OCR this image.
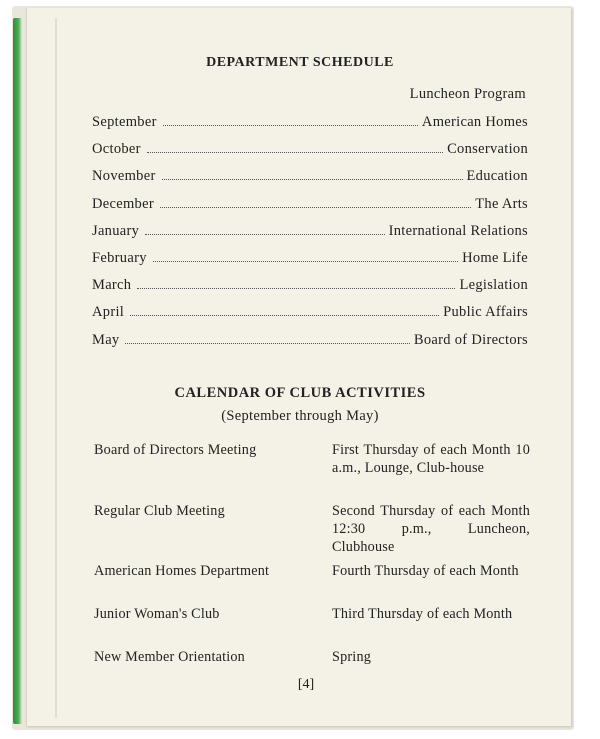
DEPARTMENT SCHEDULE
Luncheon Program
September	American Homes
October	Conservation
November	Education
December	The Arts
January	International Relations
February	Home Life
March	Legislation
April	Public Affairs
May	Board of Directors
CALENDAR OF CLUB ACTIVITIES
(September through May)
Board of Directors Meeting	First Thursday of each Month 10 a.m., Lounge, Club-house
Regular Club Meeting	Second Thursday of each Month 12:30 p.m., Luncheon, Clubhouse
American Homes Department	Fourth Thursday of each Month
Junior Woman's Club	Third Thursday of each Month
New Member Orientation	Spring
[4]
